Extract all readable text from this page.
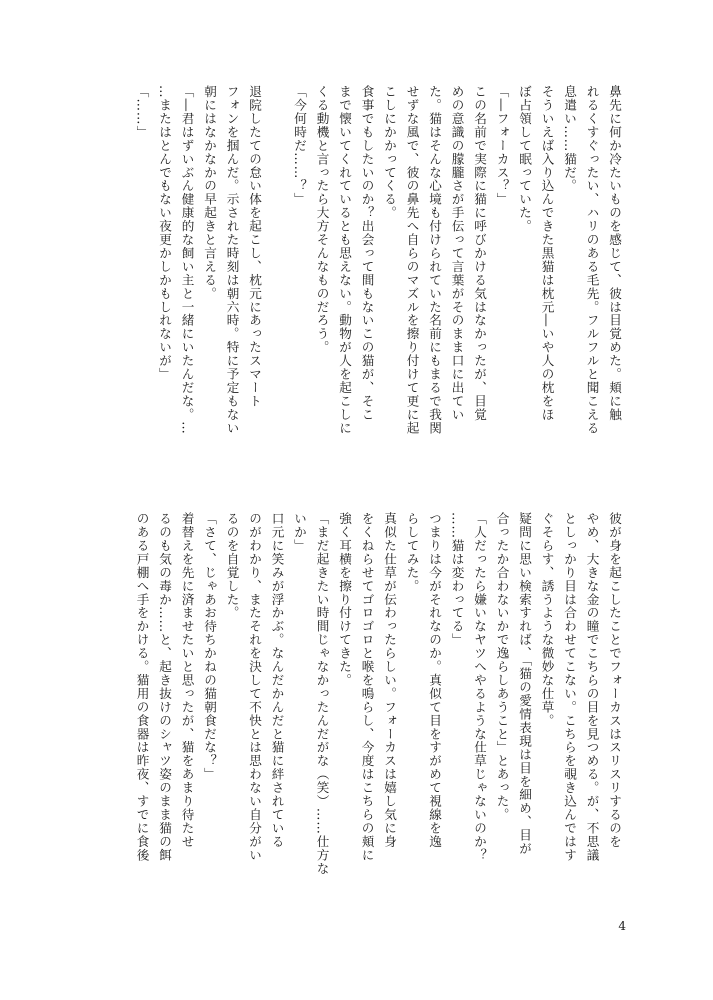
鼻先に何か冷たいものを感じて、彼は目覚めた。頬に触

れるくすぐったい、ハリのある毛先。フルフルと聞こえる

息遣い……猫だ。

そういえば入り込んできた黒猫は枕元―いや人の枕をほ

ぼ占領して眠っていた。

「―フォーカス？」

この名前で実際に猫に呼びかける気はなかったが、目覚

めの意識の朦朧さが手伝って言葉がそのまま口に出てい

た。猫はそんな心境も付けられていた名前にもまるで我関

せずな風で、彼の鼻先へ自らのマズルを擦り付けて更に起

こしにかかってくる。

食事でもしたいのか？出会って間もないこの猫が、そこ

まで懐いてくれているとも思えない。動物が人を起こしに

くる動機と言ったら大方そんなものだろう。

「今何時だ……？」

退院したての怠い体を起こし、枕元にあったスマート

フォンを掴んだ。示された時刻は朝六時。特に予定もない

朝にはなかなかの早起きと言える。

「―君はずいぶん健康的な飼い主と一緒にいたんだな。…

…またはとんでもない夜更かしかもしれないが」

「……」

彼が身を起こしたことでフォーカスはスリスリするのを

やめ、大きな金の瞳でこちらの目を見つめる。が、不思議

としっかり目は合わせてこない。こちらを覗き込んではす

ぐそらす、誘うような微妙な仕草。

疑問に思い検索すれば、「猫の愛情表現は目を細め、目が

合ったか合わないかで逸らしあうこと」とあった。

「人だったら嫌いなヤツへやるような仕草じゃないのか？

……猫は変わってる」

つまりは今がそれなのか。真似て目をすがめて視線を逸

らしてみた。

真似た仕草が伝わったらしい。フォーカスは嬉し気に身

をくねらせてゴロゴロと喉を鳴らし、今度はこちらの頬に

強く耳横を擦り付けてきた。

「まだ起きたい時間じゃなかったんだがな（笑）……仕方な

いか」

口元に笑みが浮かぶ。なんだかんだと猫に絆されている

のがわかり、またそれを決して不快とは思わない自分がい

るのを自覚した。

「さて、じゃあお待ちかねの猫朝食だな？」

着替えを先に済ませたいと思ったが、猫をあまり待たせ

るのも気の毒か……と、起き抜けのシャツ姿のまま猫の餌

のある戸棚へ手をかける。猫用の食器は昨夜、すでに食後

4
